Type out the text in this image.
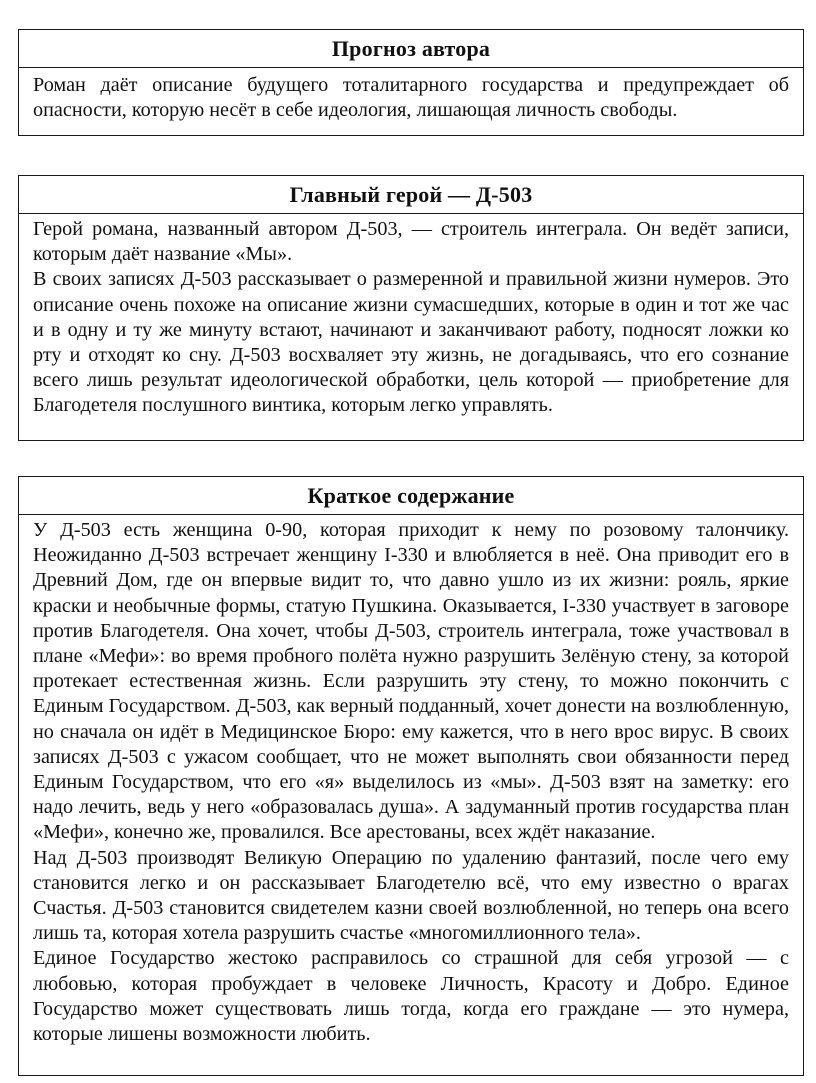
Прогноз автора

Роман даёт описание будущего тоталитарного государства и предупреждает об опасности, которую несёт в себе идеология, лишающая личность свободы.

Главный герой — Д-503

Герой романа, названный автором Д-503, — строитель интеграла. Он ведёт записи, которым даёт название «Мы».

В своих записях Д-503 рассказывает о размеренной и правильной жизни нумеров. Это описание очень похоже на описание жизни сумасшедших, которые в один и тот же час и в одну и ту же минуту встают, начинают и заканчивают работу, подносят ложки ко рту и отходят ко сну. Д-503 восхваляет эту жизнь, не догадываясь, что его сознание всего лишь результат идеологической обработки, цель которой — приобретение для Благодетеля послушного винтика, которым легко управлять.

Краткое содержание

У Д-503 есть женщина 0-90, которая приходит к нему по розовому талончику. Неожиданно Д-503 встречает женщину I-330 и влюбляется в неё. Она приводит его в Древний Дом, где он впервые видит то, что давно ушло из их жизни: рояль, яркие краски и необычные формы, статую Пушкина. Оказывается, I-330 участвует в заговоре против Благодетеля. Она хочет, чтобы Д-503, строитель интеграла, тоже участвовал в плане «Мефи»: во время пробного полёта нужно разрушить Зелёную стену, за которой протекает естественная жизнь. Если разрушить эту стену, то можно покончить с Единым Государством. Д-503, как верный подданный, хочет донести на возлюбленную, но сначала он идёт в Медицинское Бюро: ему кажется, что в него врос вирус. В своих записях Д-503 с ужасом сообщает, что не может выполнять свои обязанности перед Единым Государством, что его «я» выделилось из «мы». Д-503 взят на заметку: его надо лечить, ведь у него «образовалась душа». А задуманный против государства план «Мефи», конечно же, провалился. Все арестованы, всех ждёт наказание.

Над Д-503 производят Великую Операцию по удалению фантазий, после чего ему становится легко и он рассказывает Благодетелю всё, что ему известно о врагах Счастья. Д-503 становится свидетелем казни своей возлюбленной, но теперь она всего лишь та, которая хотела разрушить счастье «многомиллионного тела».

Единое Государство жестоко расправилось со страшной для себя угрозой — с любовью, которая пробуждает в человеке Личность, Красоту и Добро. Единое Государство может существовать лишь тогда, когда его граждане — это нумера, которые лишены возможности любить.
